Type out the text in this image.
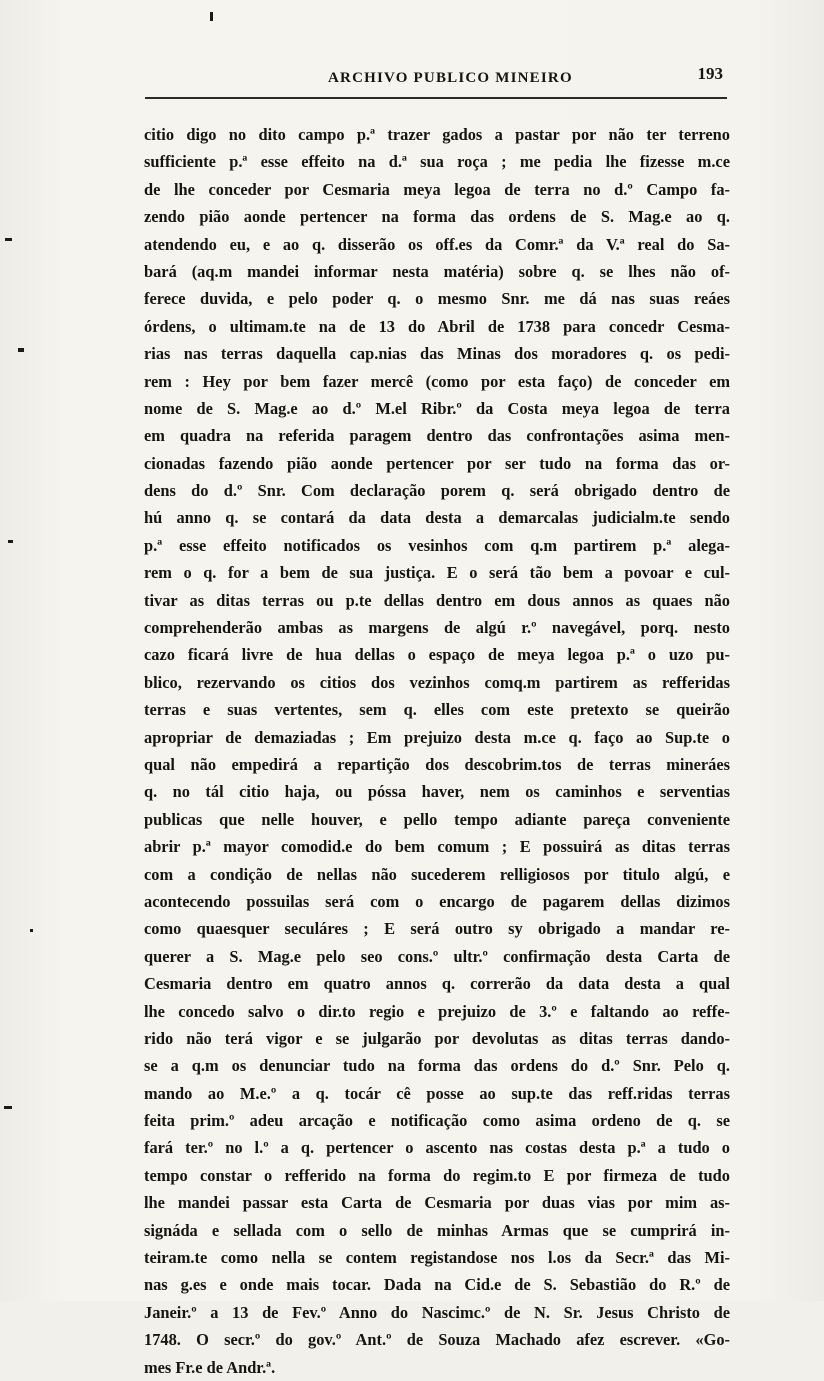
ARCHIVO PUBLICO MINEIRO	193
citio digo no dito campo p.ª trazer gados a pastar por não ter terreno
sufficiente p.ª esse effeito na d.ª sua roça ; me pedia lhe fizesse m.ce
de lhe conceder por Cesmaria meya legoa de terra no d.º Campo fa-
zendo pião aonde pertencer na forma das ordens de S. Mag.e ao q.
atendendo eu, e ao q. disserão os off.es da Comr.ª da V.ª real do Sa-
bará (aq.m mandei informar nesta matéria) sobre q. se lhes não of-
ferece duvida, e pelo poder q. o mesmo Snr. me dá nas suas reáes
órdens, o ultimam.te na de 13 do Abril de 1738 para concedr Cesma-
rias nas terras daquella cap.nias das Minas dos moradores q. os pedi-
rem : Hey por bem fazer mercê (como por esta faço) de conceder em
nome de S. Mag.e ao d.º M.el Ribr.º da Costa meya legoa de terra
em quadra na referida paragem dentro das confrontações asima men-
cionadas fazendo pião aonde pertencer por ser tudo na forma das or-
dens do d.º Snr. Com declaração porem q. será obrigado dentro de
hú anno q. se contará da data desta a demarcalas judicialm.te sendo
p.ª esse effeito notificados os vesinhos com q.m partirem p.ª alega-
rem o q. for a bem de sua justiça. E o será tão bem a povoar e cul-
tivar as ditas terras ou p.te dellas dentro em dous annos as quaes não
comprehenderão ambas as margens de algú r.º navegável, porq. nesto
cazo ficará livre de hua dellas o espaço de meya legoa p.ª o uzo pu-
blico, rezervando os citios dos vezinhos comq.m partirem as refferidas
terras e suas vertentes, sem q. elles com este pretexto se queirão
apropriar de demaziadas ; Em prejuizo desta m.ce q. faço ao Sup.te o
qual não empedirá a repartição dos descobrim.tos de terras mineráes
q. no tál citio haja, ou póssa haver, nem os caminhos e serventias
publicas que nelle houver, e pello tempo adiante pareça conveniente
abrir p.ª mayor comodid.e do bem comum ; E possuirá as ditas terras
com a condição de nellas não sucederem relligiosos por titulo algú, e
acontecendo possuilas será com o encargo de pagarem dellas dizimos
como quaesquer seculáres ; E será outro sy obrigado a mandar re-
querer a S. Mag.e pelo seo cons.º ultr.º confirmação desta Carta de
Cesmaria dentro em quatro annos q. correrão da data desta a qual
lhe concedo salvo o dir.to regio e prejuizo de 3.º e faltando ao reffe-
rido não terá vigor e se julgarão por devolutas as ditas terras dando-
se a q.m os denunciar tudo na forma das ordens do d.º Snr. Pelo q.
mando ao M.e.º a q. tocár cê posse ao sup.te das reff.ridas terras
feita prim.º adeu arcação e notificação como asima ordeno de q. se
fará ter.º no l.º a q. pertencer o ascento nas costas desta p.ª a tudo o
tempo constar o refferido na forma do regim.to E por firmeza de tudo
lhe mandei passar esta Carta de Cesmaria por duas vias por mim as-
signáda e sellada com o sello de minhas Armas que se cumprirá in-
teiram.te como nella se contem registandose nos l.os da Secr.ª das Mi-
nas g.es e onde mais tocar. Dada na Cid.e de S. Sebastião do R.º de
Janeir.º a 13 de Fev.º Anno do Nascimc.º de N. Sr. Jesus Christo de
1748. O secr.º do gov.º Ant.º de Souza Machado afez escrever. «Go-
mes Fr.e de Andr.ª.
